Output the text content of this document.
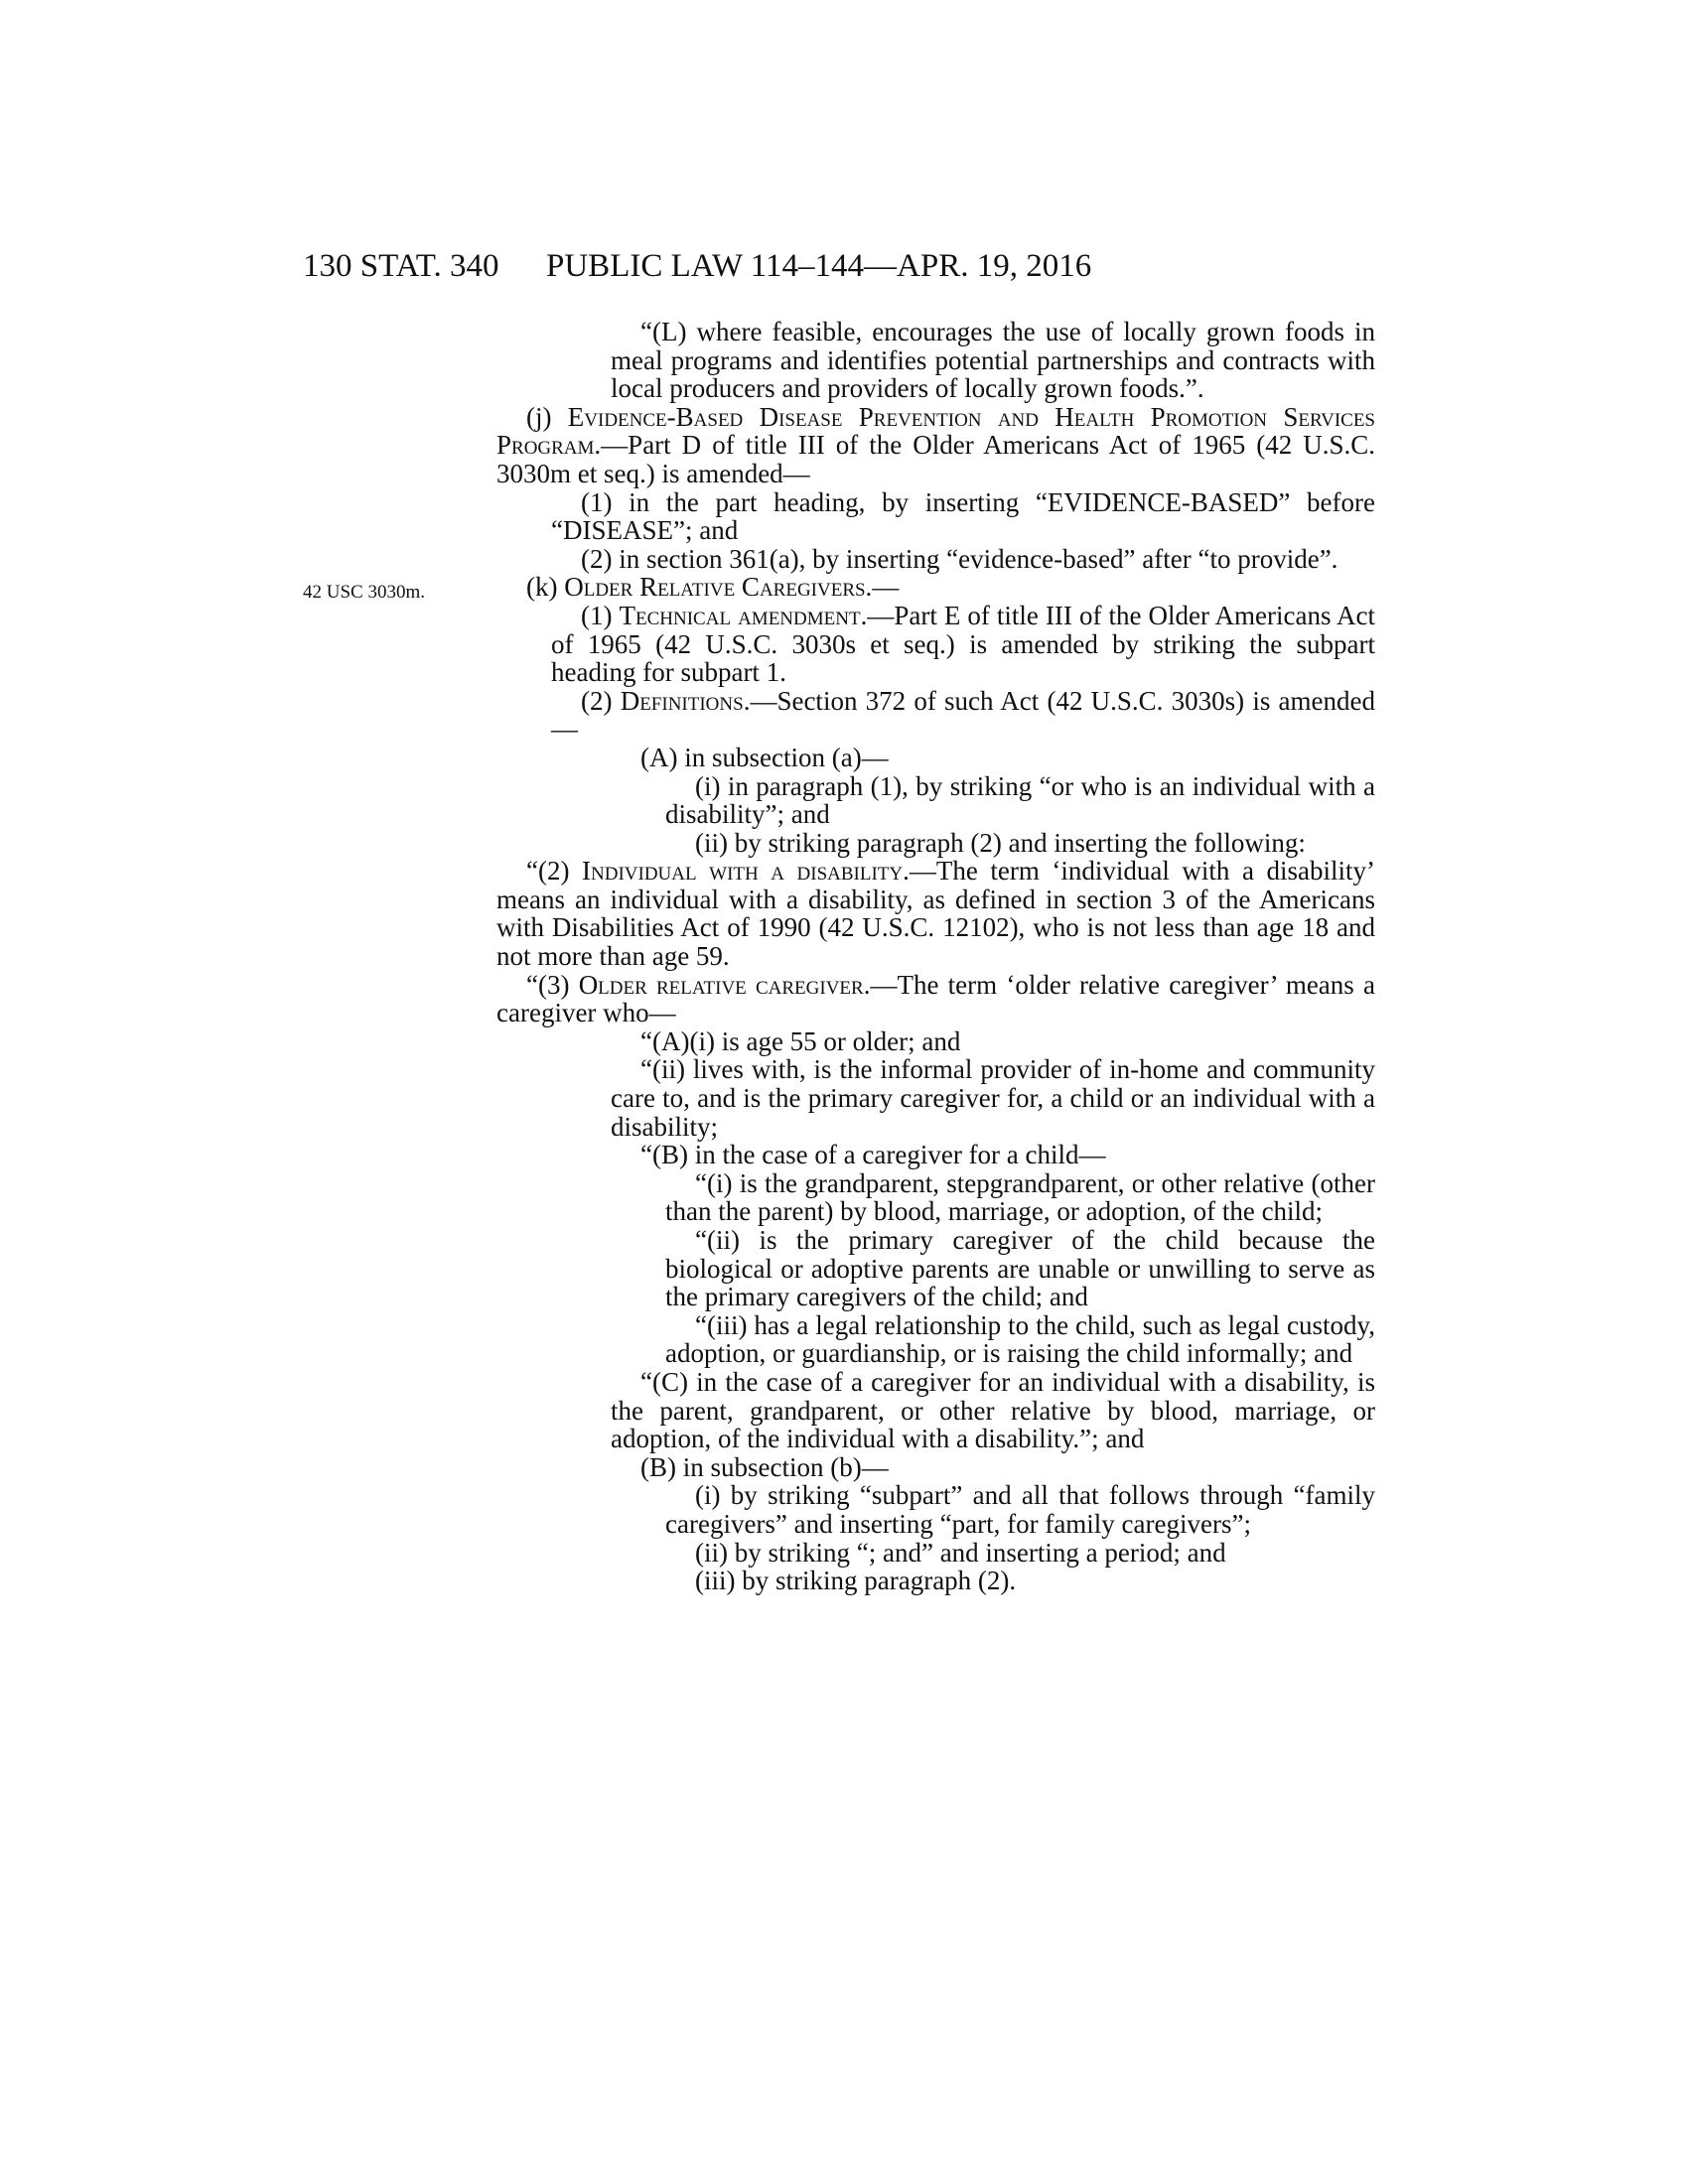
130 STAT. 340 PUBLIC LAW 114–144—APR. 19, 2016
42 USC 3030m.

“(L) where feasible, encourages the use of locally grown foods in meal programs and identifies potential partnerships and contracts with local producers and providers of locally grown foods.”.

(j) Evidence-Based Disease Prevention and Health Promotion Services Program.—Part D of title III of the Older Americans Act of 1965 (42 U.S.C. 3030m et seq.) is amended—

(1) in the part heading, by inserting “EVIDENCE-BASED” before “DISEASE”; and

(2) in section 361(a), by inserting “evidence-based” after “to provide”.

(k) Older Relative Caregivers.—

(1) Technical amendment.—Part E of title III of the Older Americans Act of 1965 (42 U.S.C. 3030s et seq.) is amended by striking the subpart heading for subpart 1.

(2) Definitions.—Section 372 of such Act (42 U.S.C. 3030s) is amended—

(A) in subsection (a)—

(i) in paragraph (1), by striking “or who is an individual with a disability”; and

(ii) by striking paragraph (2) and inserting the following:

“(2) Individual with a disability.—The term ‘individual with a disability’ means an individual with a disability, as defined in section 3 of the Americans with Disabilities Act of 1990 (42 U.S.C. 12102), who is not less than age 18 and not more than age 59.

“(3) Older relative caregiver.—The term ‘older relative caregiver’ means a caregiver who—

“(A)(i) is age 55 or older; and

“(ii) lives with, is the informal provider of in-home and community care to, and is the primary caregiver for, a child or an individual with a disability;

“(B) in the case of a caregiver for a child—

“(i) is the grandparent, stepgrandparent, or other relative (other than the parent) by blood, marriage, or adoption, of the child;

“(ii) is the primary caregiver of the child because the biological or adoptive parents are unable or unwilling to serve as the primary caregivers of the child; and

“(iii) has a legal relationship to the child, such as legal custody, adoption, or guardianship, or is raising the child informally; and

“(C) in the case of a caregiver for an individual with a disability, is the parent, grandparent, or other relative by blood, marriage, or adoption, of the individual with a disability.”; and

(B) in subsection (b)—

(i) by striking “subpart” and all that follows through “family caregivers” and inserting “part, for family caregivers”;

(ii) by striking “; and” and inserting a period; and

(iii) by striking paragraph (2).
